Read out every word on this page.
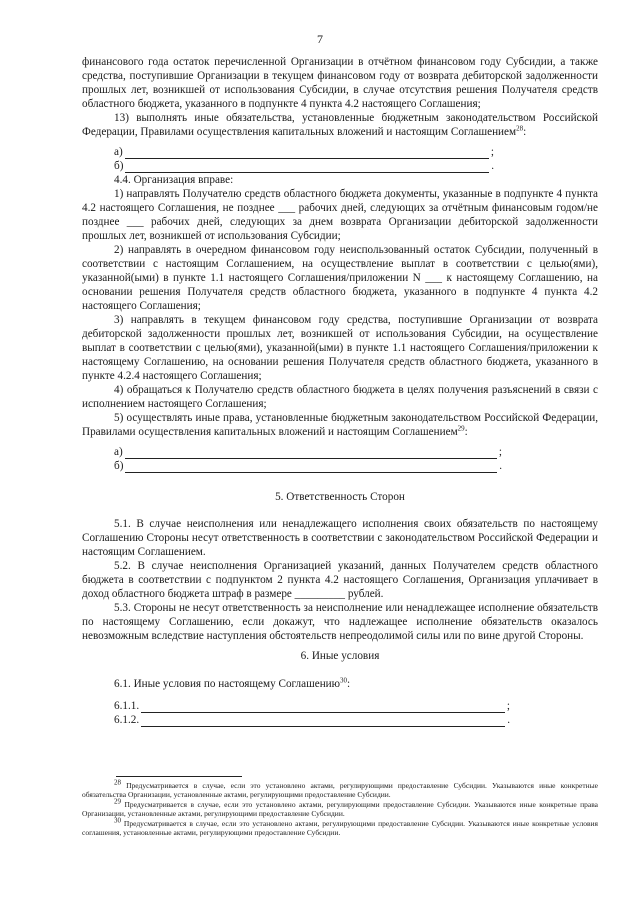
7

финансового года остаток перечисленной Организации в отчётном финансовом году Субсидии, а также средства, поступившие Организации в текущем финансовом году от возврата дебиторской задолженности прошлых лет, возникшей от использования Субсидии, в случае отсутствия решения Получателя средств областного бюджета, указанного в подпункте 4 пункта 4.2 настоящего Соглашения;

13) выполнять иные обязательства, установленные бюджетным законодательством Российской Федерации, Правилами осуществления капитальных вложений и настоящим Соглашением$^{28}$:

а)	;
б)	.

4.4. Организация вправе:

1) направлять Получателю средств областного бюджета документы, указанные в подпункте 4 пункта 4.2 настоящего Соглашения, не позднее ___ рабочих дней, следующих за отчётным финансовым годом/не позднее ___ рабочих дней, следующих за днем возврата Организации дебиторской задолженности прошлых лет, возникшей от использования Субсидии;

2) направлять в очередном финансовом году неиспользованный остаток Субсидии, полученный в соответствии с настоящим Соглашением, на осуществление выплат в соответствии с целью(ями), указанной(ыми) в пункте 1.1 настоящего Соглашения/приложении N ___ к настоящему Соглашению, на основании решения Получателя средств областного бюджета, указанного в подпункте 4 пункта 4.2 настоящего Соглашения;

3) направлять в текущем финансовом году средства, поступившие Организации от возврата дебиторской задолженности прошлых лет, возникшей от использования Субсидии, на осуществление выплат в соответствии с целью(ями), указанной(ыми) в пункте 1.1 настоящего Соглашения/приложении к настоящему Соглашению, на основании решения Получателя средств областного бюджета, указанного в пункте 4.2.4 настоящего Соглашения;

4) обращаться к Получателю средств областного бюджета в целях получения разъяснений в связи с исполнением настоящего Соглашения;

5) осуществлять иные права, установленные бюджетным законодательством Российской Федерации, Правилами осуществления капитальных вложений и настоящим Соглашением$^{29}$:

а)	;
б)	.

5. Ответственность Сторон

5.1. В случае неисполнения или ненадлежащего исполнения своих обязательств по настоящему Соглашению Стороны несут ответственность в соответствии с законодательством Российской Федерации и настоящим Соглашением.

5.2. В случае неисполнения Организацией указаний, данных Получателем средств областного бюджета в соответствии с подпунктом 2 пункта 4.2 настоящего Соглашения, Организация уплачивает в доход областного бюджета штраф в размере _________ рублей.

5.3. Стороны не несут ответственность за неисполнение или ненадлежащее исполнение обязательств по настоящему Соглашению, если докажут, что надлежащее исполнение обязательств оказалось невозможным вследствие наступления обстоятельств непреодолимой силы или по вине другой Стороны.

6. Иные условия

6.1. Иные условия по настоящему Соглашению$^{30}$:

6.1.1.	;
6.1.2.	.

$^{28}$ Предусматривается в случае, если это установлено актами, регулирующими предоставление Субсидии. Указываются иные конкретные обязательства Организации, установленные актами, регулирующими предоставление Субсидии.

$^{29}$ Предусматривается в случае, если это установлено актами, регулирующими предоставление Субсидии. Указываются иные конкретные права Организации, установленные актами, регулирующими предоставление Субсидии.

$^{30}$ Предусматривается в случае, если это установлено актами, регулирующими предоставление Субсидии. Указываются иные конкретные условия соглашения, установленные актами, регулирующими предоставление Субсидии.
